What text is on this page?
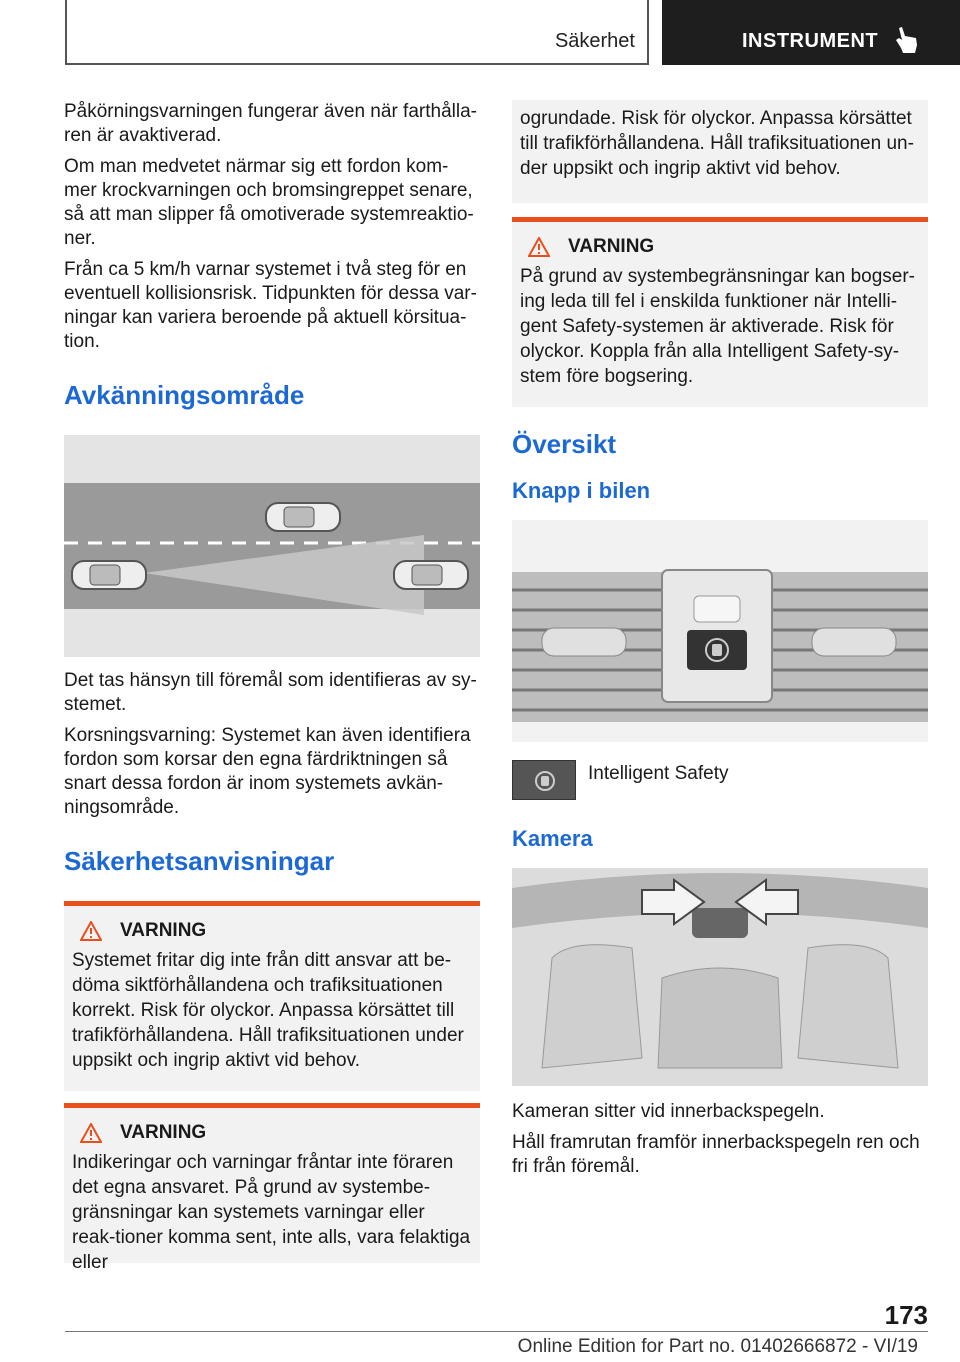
Säkerhet	INSTRUMENT

Påkörningsvarningen fungerar även när farthålla-ren är avaktiverad.

Om man medvetet närmar sig ett fordon kom-mer krockvarningen och bromsingreppet senare, så att man slipper få omotiverade systemreaktio-ner.

Från ca 5 km/h varnar systemet i två steg för en eventuell kollisionsrisk. Tidpunkten för dessa var-ningar kan variera beroende på aktuell körsitua-tion.

Avkänningsområde

Det tas hänsyn till föremål som identifieras av sy-stemet.

Korsningsvarning: Systemet kan även identifiera fordon som korsar den egna färdriktningen så snart dessa fordon är inom systemets avkän-ningsområde.

Säkerhetsanvisningar
VARNING

Systemet fritar dig inte från ditt ansvar att be-döma siktförhållandena och trafiksituationen korrekt. Risk för olyckor. Anpassa körsättet till trafikförhållandena. Håll trafiksituationen under uppsikt och ingrip aktivt vid behov.

VARNING

Indikeringar och varningar fråntar inte föraren det egna ansvaret. På grund av systembe-gränsningar kan systemets varningar eller reak-tioner komma sent, inte alls, vara felaktiga eller

ogrundade. Risk för olyckor. Anpassa körsättet till trafikförhållandena. Håll trafiksituationen un-der uppsikt och ingrip aktivt vid behov.

VARNING

På grund av systembegränsningar kan bogser-ing leda till fel i enskilda funktioner när Intelli-gent Safety-systemen är aktiverade. Risk för olyckor. Koppla från alla Intelligent Safety-sy-stem före bogsering.

Översikt
Knapp i bilen
Intelligent Safety
Kamera

Kameran sitter vid innerbackspegeln.

Håll framrutan framför innerbackspegeln ren och fri från föremål.

173
Online Edition for Part no. 01402666872 - VI/19
